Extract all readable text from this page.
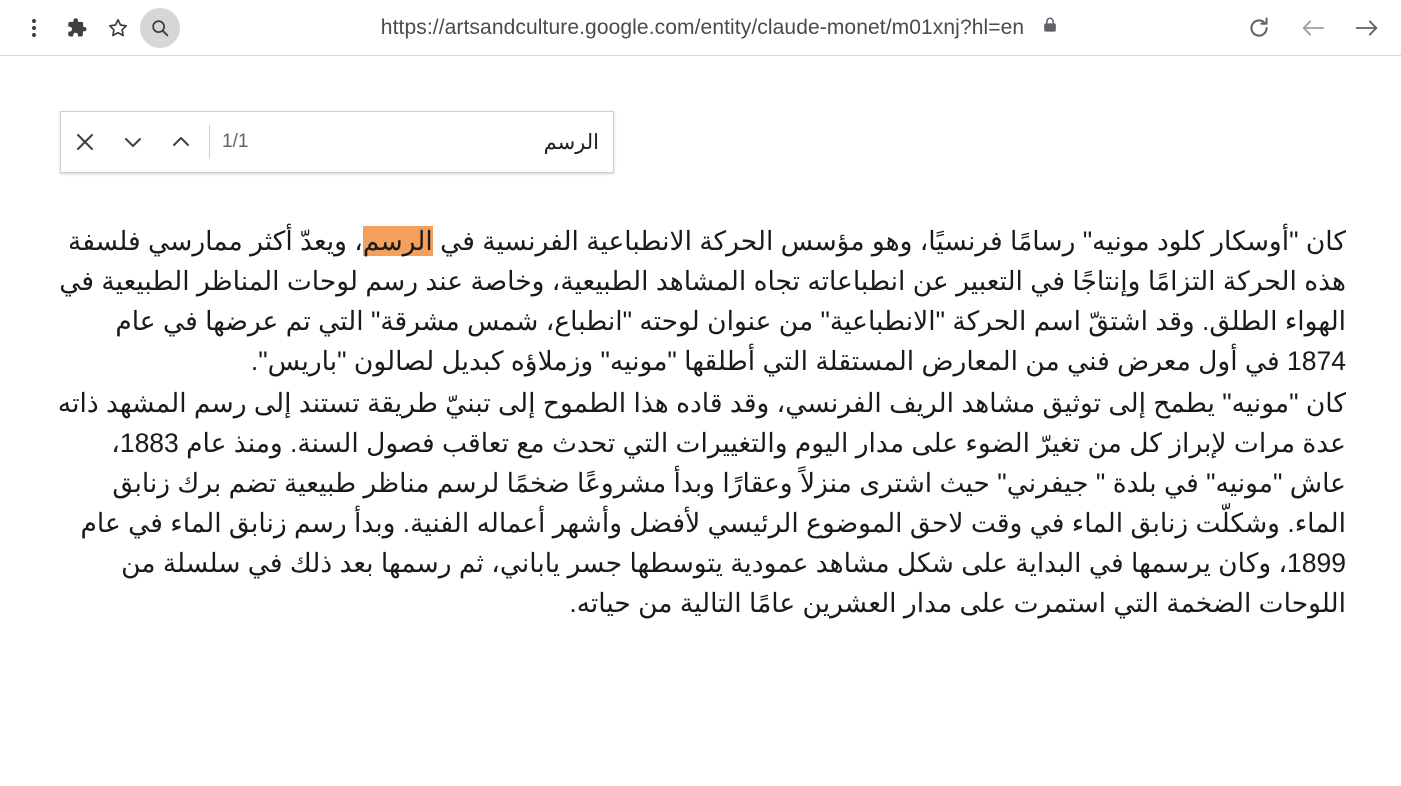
https://artsandculture.google.com/entity/claude-monet/m01xnj?hl=en
1/1
الرسم

كان "أوسكار كلود مونيه" رسامًا فرنسيًا، وهو مؤسس الحركة الانطباعية الفرنسية في الرسم، ويعدّ أكثر ممارسي فلسفة هذه الحركة التزامًا وإنتاجًا في التعبير عن انطباعاته تجاه المشاهد الطبيعية، وخاصة عند رسم لوحات المناظر الطبيعية في الهواء الطلق. وقد اشتقّ اسم الحركة "الانطباعية" من عنوان لوحته "انطباع، شمس مشرقة" التي تم عرضها في عام 1874 في أول معرض فني من المعارض المستقلة التي أطلقها "مونيه" وزملاؤه كبديل لصالون "باريس".

كان "مونيه" يطمح إلى توثيق مشاهد الريف الفرنسي، وقد قاده هذا الطموح إلى تبنيّ طريقة تستند إلى رسم المشهد ذاته عدة مرات لإبراز كل من تغيرّ الضوء على مدار اليوم والتغييرات التي تحدث مع تعاقب فصول السنة. ومنذ عام 1883، عاش "مونيه" في بلدة " جيفرني" حيث اشترى منزلاً وعقارًا وبدأ مشروعًا ضخمًا لرسم مناظر طبيعية تضم برك زنابق الماء. وشكلّت زنابق الماء في وقت لاحق الموضوع الرئيسي لأفضل وأشهر أعماله الفنية. وبدأ رسم زنابق الماء في عام 1899، وكان يرسمها في البداية على شكل مشاهد عمودية يتوسطها جسر ياباني، ثم رسمها بعد ذلك في سلسلة من اللوحات الضخمة التي استمرت على مدار العشرين عامًا التالية من حياته.
